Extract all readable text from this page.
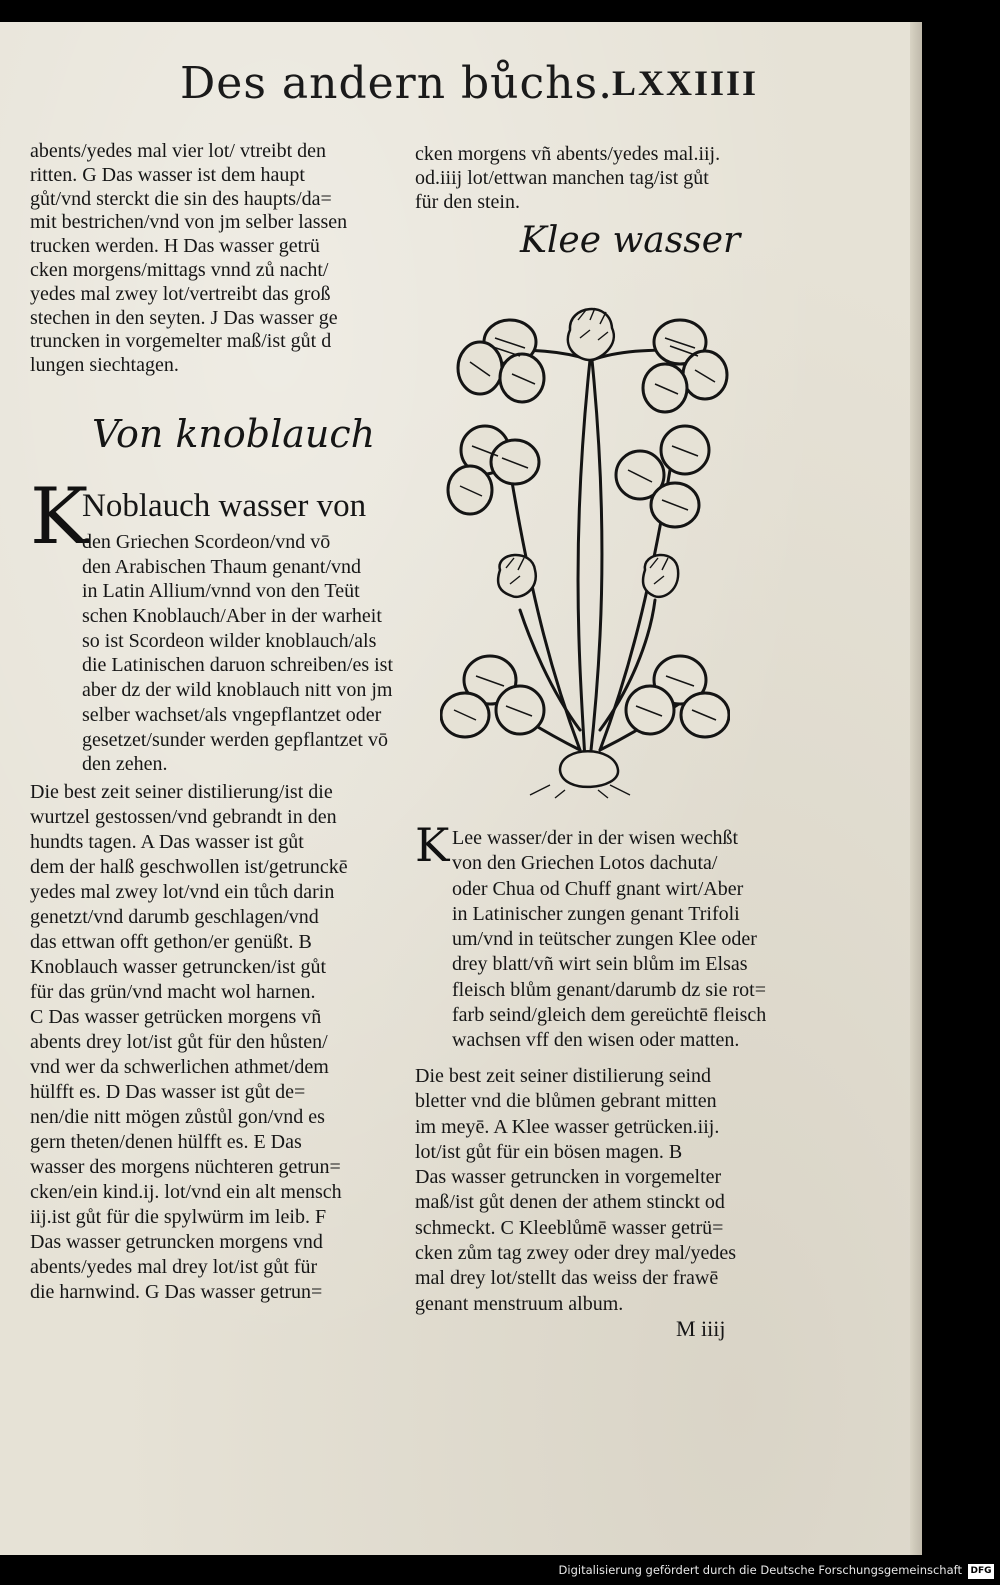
Des andern bůchs.
LXXIIII
abents/yedes mal vier lot/ vtreibt den
ritten. G Das wasser ist dem haupt
gůt/vnd sterckt die sin des haupts/da=
mit bestrichen/vnd von jm selber lassen
trucken werden. H Das wasser getrü
cken morgens/mittags vnnd zů nacht/
yedes mal zwey lot/vertreibt das groß
stechen in den seyten. J Das wasser ge
truncken in vorgemelter maß/ist gůt d
lungen siechtagen.
Von knoblauch
K
Noblauch wasser von
den Griechen Scordeon/vnd vō
den Arabischen Thaum genant/vnd
in Latin Allium/vnnd von den Teüt
schen Knoblauch/Aber in der warheit
so ist Scordeon wilder knoblauch/als
die Latinischen daruon schreiben/es ist
aber dz der wild knoblauch nitt von jm
selber wachset/als vngepflantzet oder
gesetzet/sunder werden gepflantzet vō
den zehen.
Die best zeit seiner distilierung/ist die
wurtzel gestossen/vnd gebrandt in den
hundts tagen. A Das wasser ist gůt
dem der halß geschwollen ist/getrunckē
yedes mal zwey lot/vnd ein tůch darin
genetzt/vnd darumb geschlagen/vnd
das ettwan offt gethon/er genüßt. B
Knoblauch wasser getruncken/ist gůt
für das grün/vnd macht wol harnen.
C Das wasser getrücken morgens vñ
abents drey lot/ist gůt für den hůsten/
vnd wer da schwerlichen athmet/dem
hülfft es. D Das wasser ist gůt de=
nen/die nitt mögen zůstůl gon/vnd es
gern theten/denen hülfft es. E Das
wasser des morgens nüchteren getrun=
cken/ein kind.ij. lot/vnd ein alt mensch
iij.ist gůt für die spylwürm im leib. F
Das wasser getruncken morgens vnd
abents/yedes mal drey lot/ist gůt für
die harnwind. G Das wasser getrun=
cken morgens vñ abents/yedes mal.iij.
od.iiij lot/ettwan manchen tag/ist gůt
für den stein.
Klee wasser
K Lee wasser/der in der wisen wechßt
von den Griechen Lotos dachuta/
oder Chua od Chuff gnant wirt/Aber
in Latinischer zungen genant Trifoli
um/vnd in teütscher zungen Klee oder
drey blatt/vñ wirt sein blům im Elsas
fleisch blům genant/darumb dz sie rot=
farb seind/gleich dem gereüchtē fleisch
wachsen vff den wisen oder matten.
Die best zeit seiner distilierung seind
bletter vnd die blůmen gebrant mitten
im meyē. A Klee wasser getrücken.iij.
lot/ist gůt für ein bösen magen. B
Das wasser getruncken in vorgemelter
maß/ist gůt denen der athem stinckt od
schmeckt. C Kleeblůmē wasser getrü=
cken zům tag zwey oder drey mal/yedes
mal drey lot/stellt das weiss der frawē
genant menstruum album.
M iiij
Digitalisierung gefördert durch die Deutsche Forschungsgemeinschaft DFG
